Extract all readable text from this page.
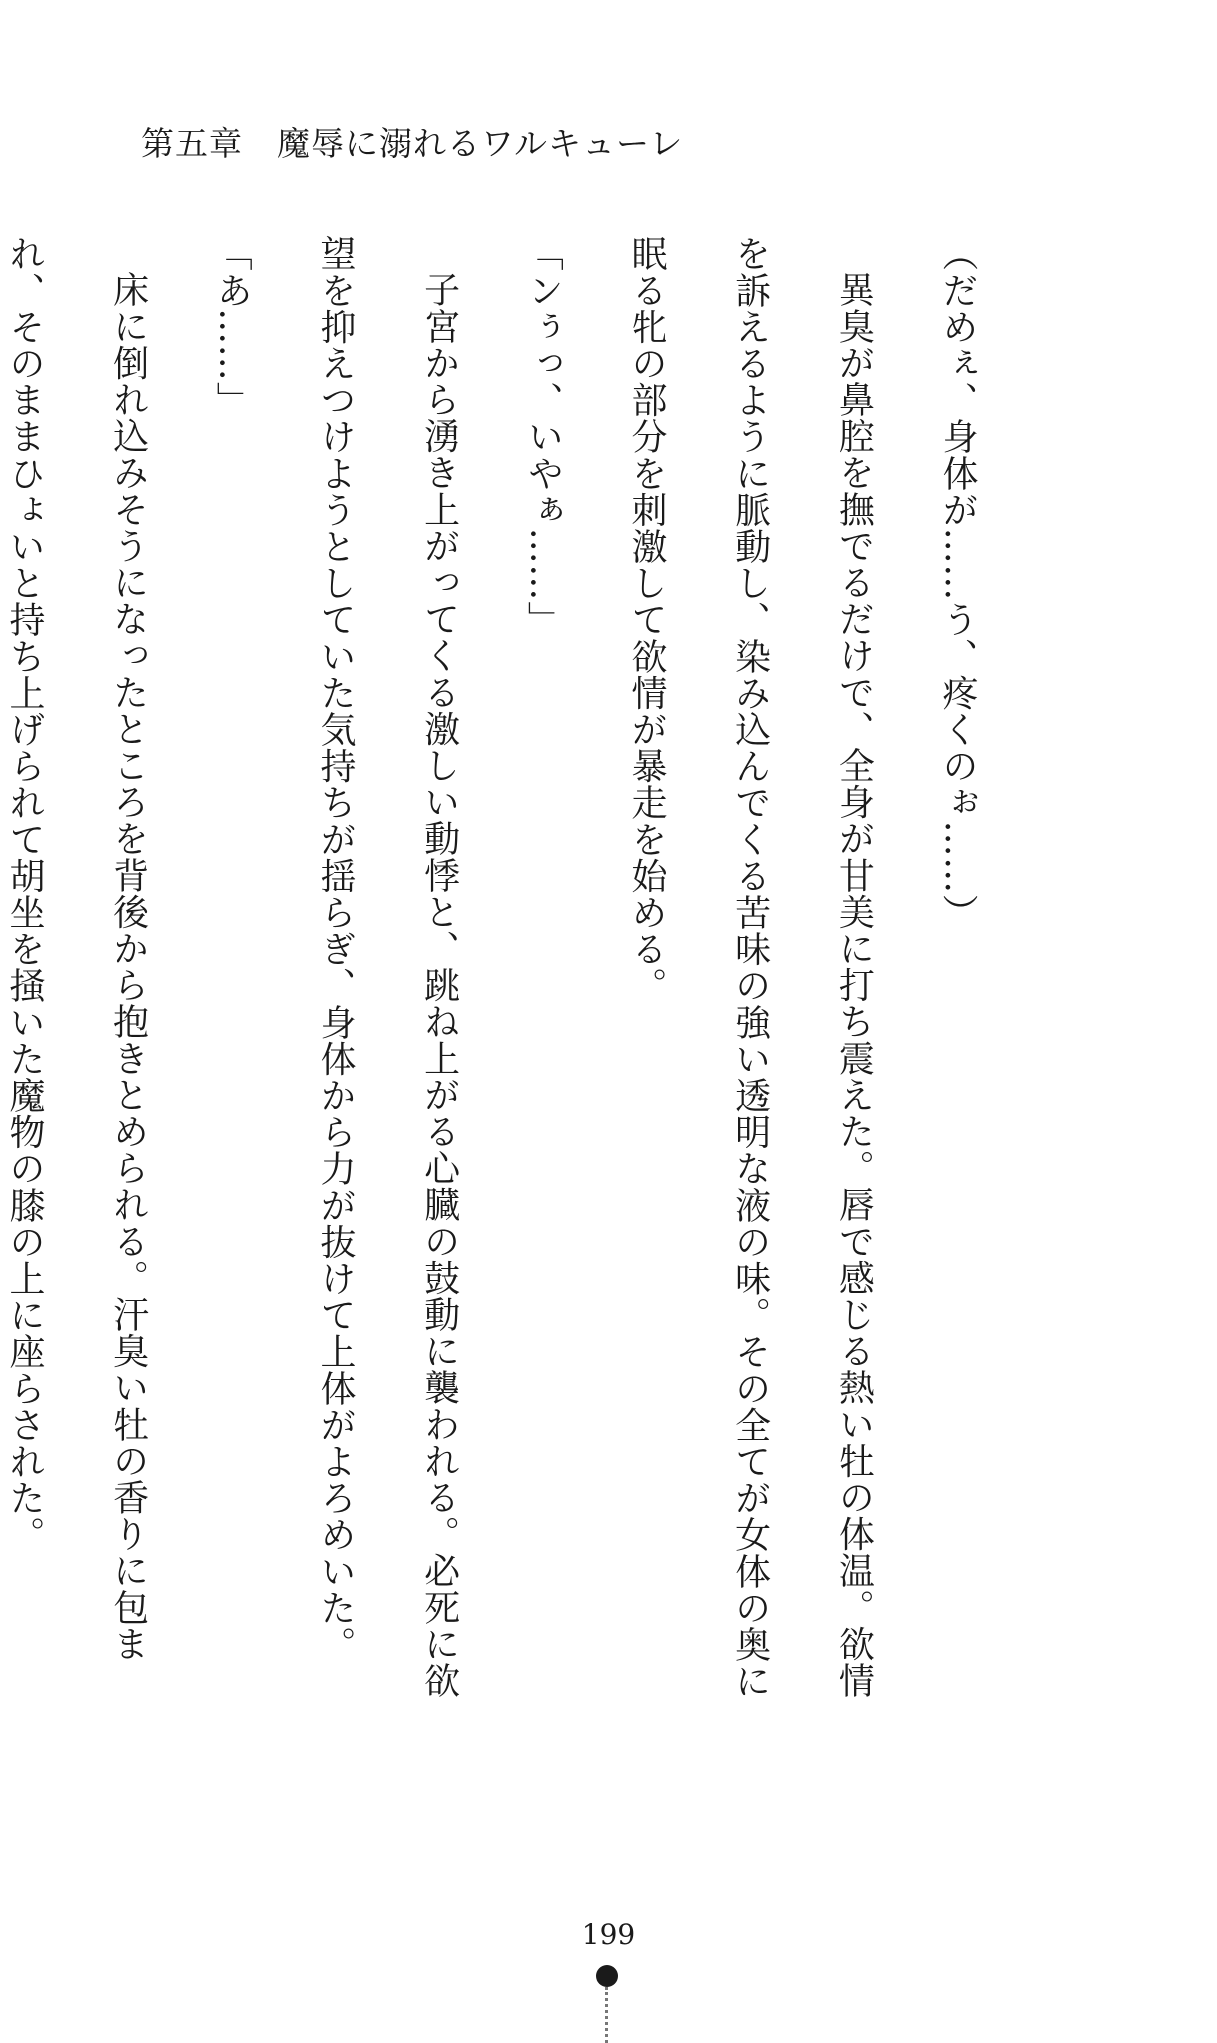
第五章　魔辱に溺れるワルキューレ

（だめぇ、身体が……う、疼くのぉ……）

異臭が鼻腔を撫でるだけで、全身が甘美に打ち震えた。唇で感じる熱い牡の体温。欲情を訴えるように脈動し、染み込んでくる苦味の強い透明な液の味。その全てが女体の奥に眠る牝の部分を刺激して欲情が暴走を始める。

「ンぅっ、いやぁ……」

子宮から湧き上がってくる激しい動悸と、跳ね上がる心臓の鼓動に襲われる。必死に欲望を抑えつけようとしていた気持ちが揺らぎ、身体から力が抜けて上体がよろめいた。

「あ……」

床に倒れ込みそうになったところを背後から抱きとめられる。汗臭い牡の香りに包まれ、そのままひょいと持ち上げられて胡坐を掻いた魔物の膝の上に座らされた。

199
